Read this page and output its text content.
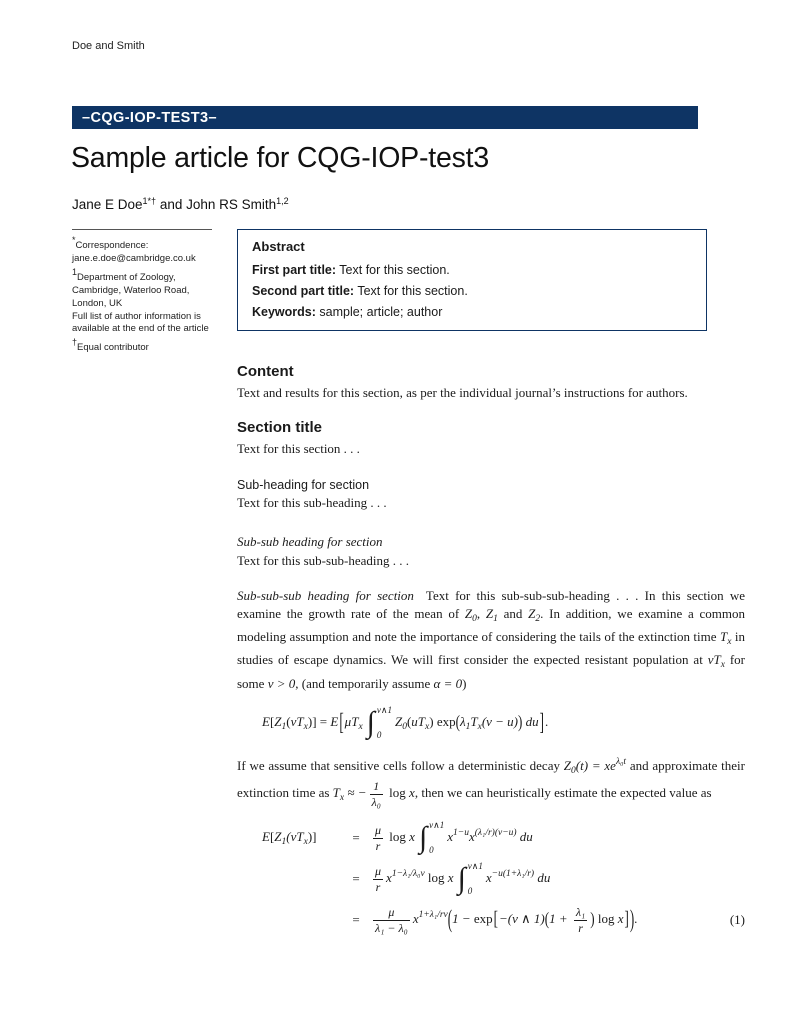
Doe and Smith
–CQG-IOP-TEST3–
Sample article for CQG-IOP-test3
Jane E Doe$^{1*\dagger}$ and John RS Smith$^{1,2}$
*Correspondence:
jane.e.doe@cambridge.co.uk
1Department of Zoology,
Cambridge, Waterloo Road,
London, UK
Full list of author information is
available at the end of the article
†Equal contributor
Abstract
First part title: Text for this section.
Second part title: Text for this section.
Keywords: sample; article; author
Content

Text and results for this section, as per the individual journal’s instructions for authors.

Section title

Text for this section . . .

Sub-heading for section

Text for this sub-heading . . .

Sub-sub heading for section

Text for this sub-sub-heading . . .

Sub-sub-sub heading for section Text for this sub-sub-sub-heading . . . In this section we examine the growth rate of the mean of $Z_0$, $Z_1$ and $Z_2$. In addition, we examine a common modeling assumption and note the importance of considering the tails of the extinction time $T_x$ in studies of escape dynamics. We will first consider the expected resistant population at $vT_x$ for some v > 0, (and temporarily assume α = 0)

$E[Z_1(vT_x)] = E[\mu T_x$ ∫ v∧1
0
$Z_0(uT_x) \exp(\lambda_1T_x(v - u))$ du].

If we assume that sensitive cells follow a deterministic decay $Z_0(t) = xe^{\lambda_0t}$ and approximate their extinction time as $T_x$ ≈ − $\frac{1}{\text{λ₀}}$ log x, then we can heuristically estimate the expected value as

$E[Z_1(vT_x)]$	=	$\frac{\mu}{r}$ log x ∫ v∧1
0
$x^{1-u}x^{(\lambda_1/r)(v-u)}$ du
=	$\frac{\mu}{r} x^{1-\lambda_1/\lambda_0v}$ log x ∫ v∧1
0
$x^{-u(1+\lambda_1/r)}$ du
=	$\frac{\mu}{\text{λ₁ − λ₀}} x^{1+\lambda_1/rv}(1 - \exp[-(v$ ∧ $1)(1 + \frac{\text{λ₁}}{r}$ ) log x]).	(1)
